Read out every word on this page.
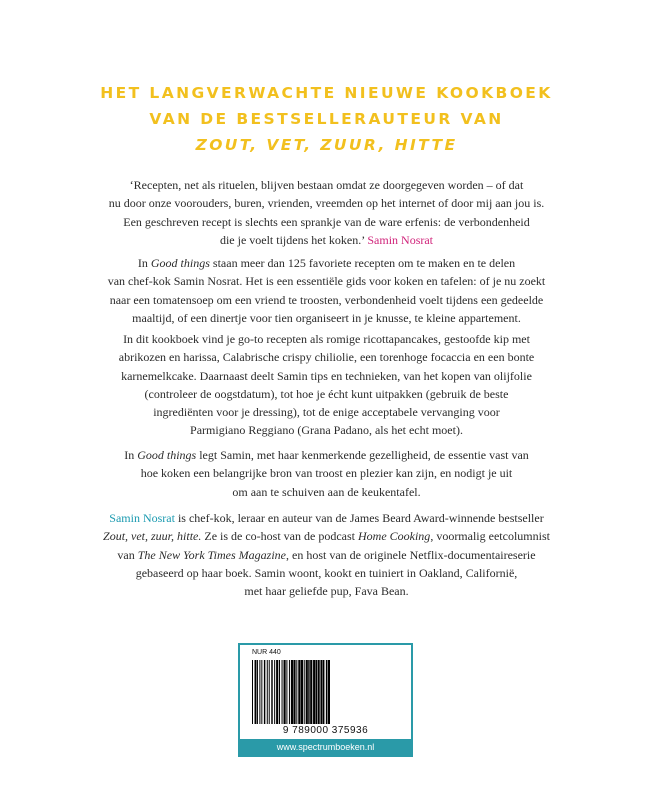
HET LANGVERWACHTE NIEUWE KOOKBOEK
VAN DE BESTSELLERAUTEUR VAN
ZOUT, VET, ZUUR, HITTE

‘Recepten, net als rituelen, blijven bestaan omdat ze doorgegeven worden – of dat

nu door onze voorouders, buren, vrienden, vreemden op het internet of door mij aan jou is.

Een geschreven recept is slechts een sprankje van de ware erfenis: de verbondenheid

die je voelt tijdens het koken.’ Samin Nosrat

In Good things staan meer dan 125 favoriete recepten om te maken en te delen

van chef-kok Samin Nosrat. Het is een essentiële gids voor koken en tafelen: of je nu zoekt

naar een tomatensoep om een vriend te troosten, verbondenheid voelt tijdens een gedeelde

maaltijd, of een dinertje voor tien organiseert in je knusse, te kleine appartement.

In dit kookboek vind je go-to recepten als romige ricottapancakes, gestoofde kip met

abrikozen en harissa, Calabrische crispy chiliolie, een torenhoge focaccia en een bonte

karnemelkcake. Daarnaast deelt Samin tips en technieken, van het kopen van olijfolie

(controleer de oogstdatum), tot hoe je écht kunt uitpakken (gebruik de beste

ingrediënten voor je dressing), tot de enige acceptabele vervanging voor

Parmigiano Reggiano (Grana Padano, als het echt moet).

In Good things legt Samin, met haar kenmerkende gezelligheid, de essentie vast van

hoe koken een belangrijke bron van troost en plezier kan zijn, en nodigt je uit

om aan te schuiven aan de keukentafel.

Samin Nosrat is chef-kok, leraar en auteur van de James Beard Award-winnende bestseller

Zout, vet, zuur, hitte. Ze is de co-host van de podcast Home Cooking, voormalig eetcolumnist

van The New York Times Magazine, en host van de originele Netflix-documentaireserie

gebaseerd op haar boek. Samin woont, kookt en tuiniert in Oakland, Californië,

met haar geliefde pup, Fava Bean.

NUR 440
9 789000 375936
www.spectrumboeken.nl
